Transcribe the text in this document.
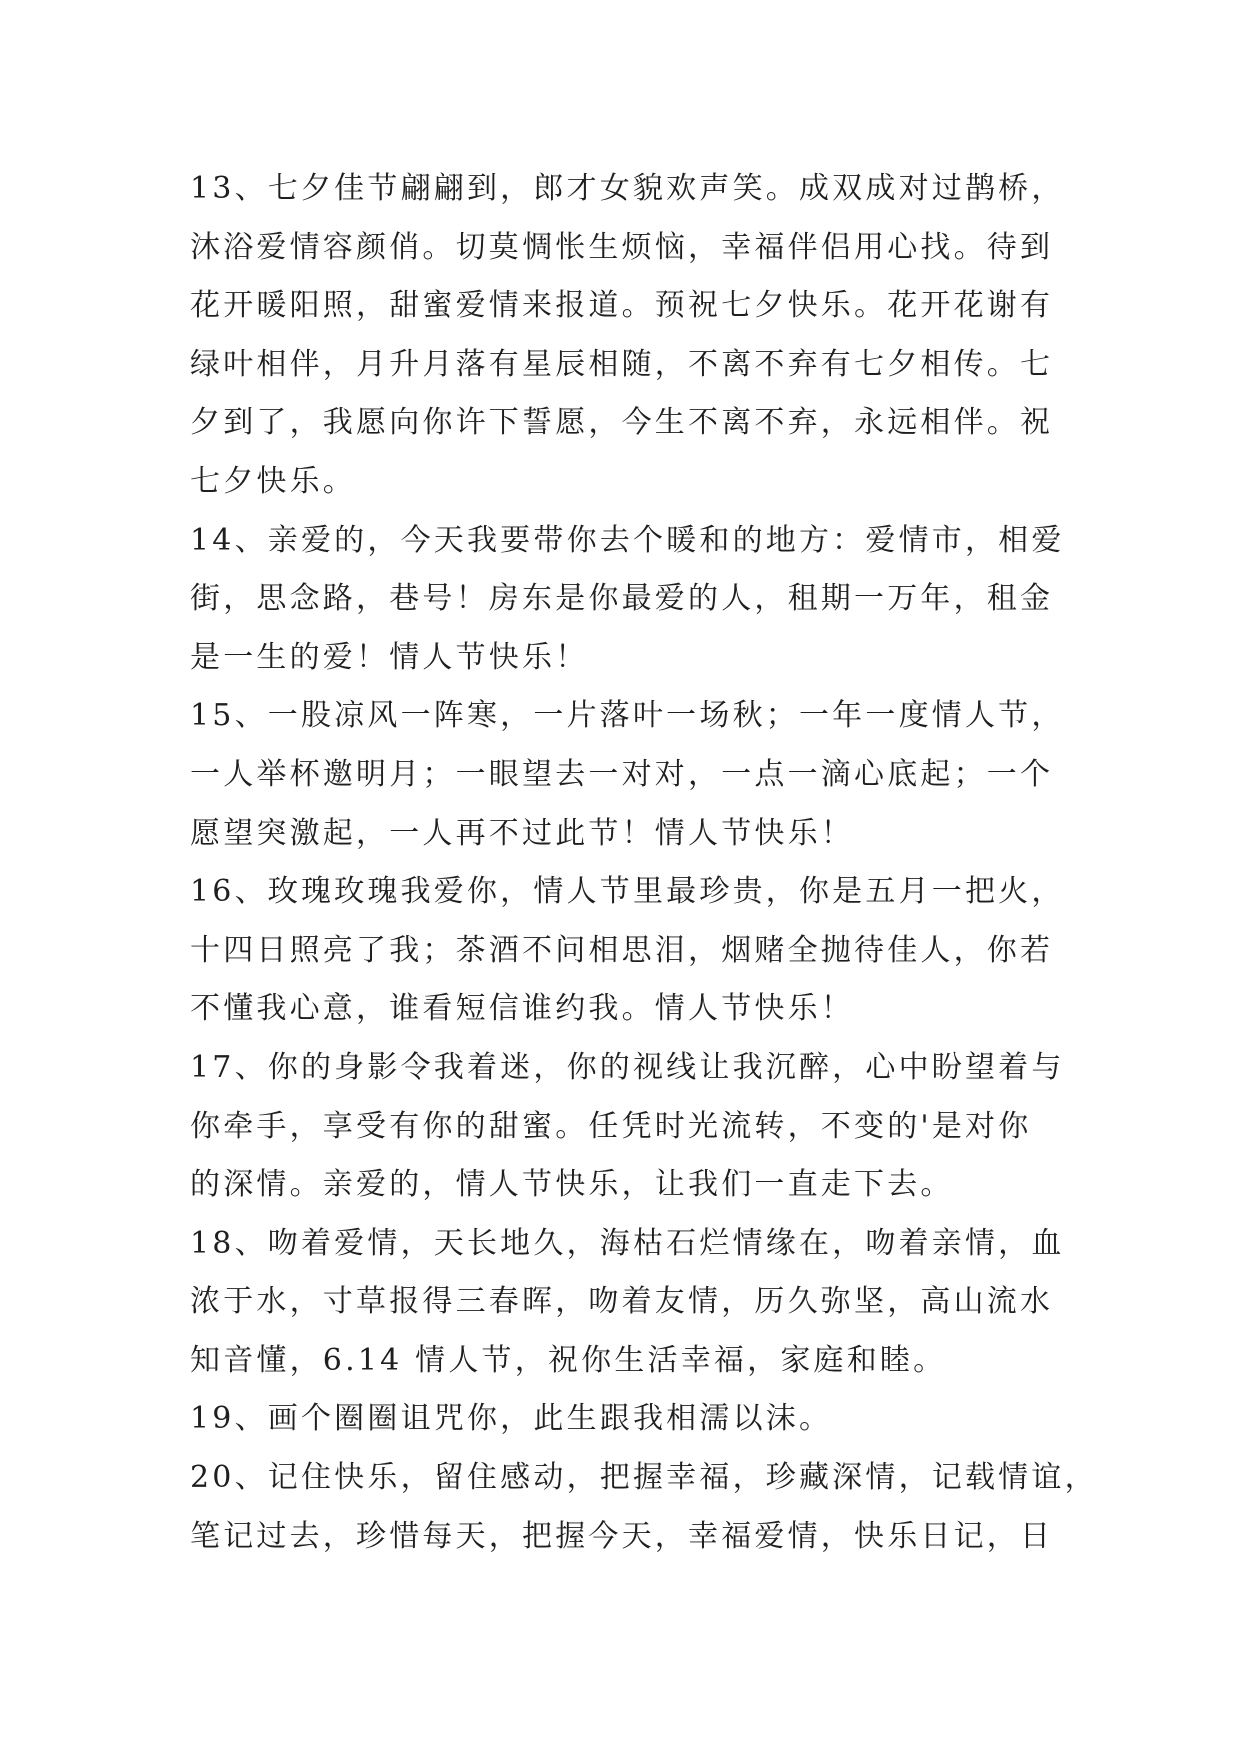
13、七夕佳节翩翩到，郎才女貌欢声笑。成双成对过鹊桥，
沐浴爱情容颜俏。切莫惆怅生烦恼，幸福伴侣用心找。待到
花开暖阳照，甜蜜爱情来报道。预祝七夕快乐。花开花谢有
绿叶相伴，月升月落有星辰相随，不离不弃有七夕相传。七
夕到了，我愿向你许下誓愿，今生不离不弃，永远相伴。祝
七夕快乐。
14、亲爱的，今天我要带你去个暖和的地方：爱情市，相爱
街，思念路，巷号！房东是你最爱的人，租期一万年，租金
是一生的爱！情人节快乐！
15、一股凉风一阵寒，一片落叶一场秋；一年一度情人节，
一人举杯邀明月；一眼望去一对对，一点一滴心底起；一个
愿望突激起，一人再不过此节！情人节快乐！
16、玫瑰玫瑰我爱你，情人节里最珍贵，你是五月一把火，
十四日照亮了我；茶酒不问相思泪，烟赌全抛待佳人，你若
不懂我心意，谁看短信谁约我。情人节快乐！
17、你的身影令我着迷，你的视线让我沉醉，心中盼望着与
你牵手，享受有你的甜蜜。任凭时光流转，不变的'是对你
的深情。亲爱的，情人节快乐，让我们一直走下去。
18、吻着爱情，天长地久，海枯石烂情缘在，吻着亲情，血
浓于水，寸草报得三春晖，吻着友情，历久弥坚，高山流水
知音懂，6.14 情人节，祝你生活幸福，家庭和睦。
19、画个圈圈诅咒你，此生跟我相濡以沫。
20、记住快乐，留住感动，把握幸福，珍藏深情，记载情谊，
笔记过去，珍惜每天，把握今天，幸福爱情，快乐日记，日
